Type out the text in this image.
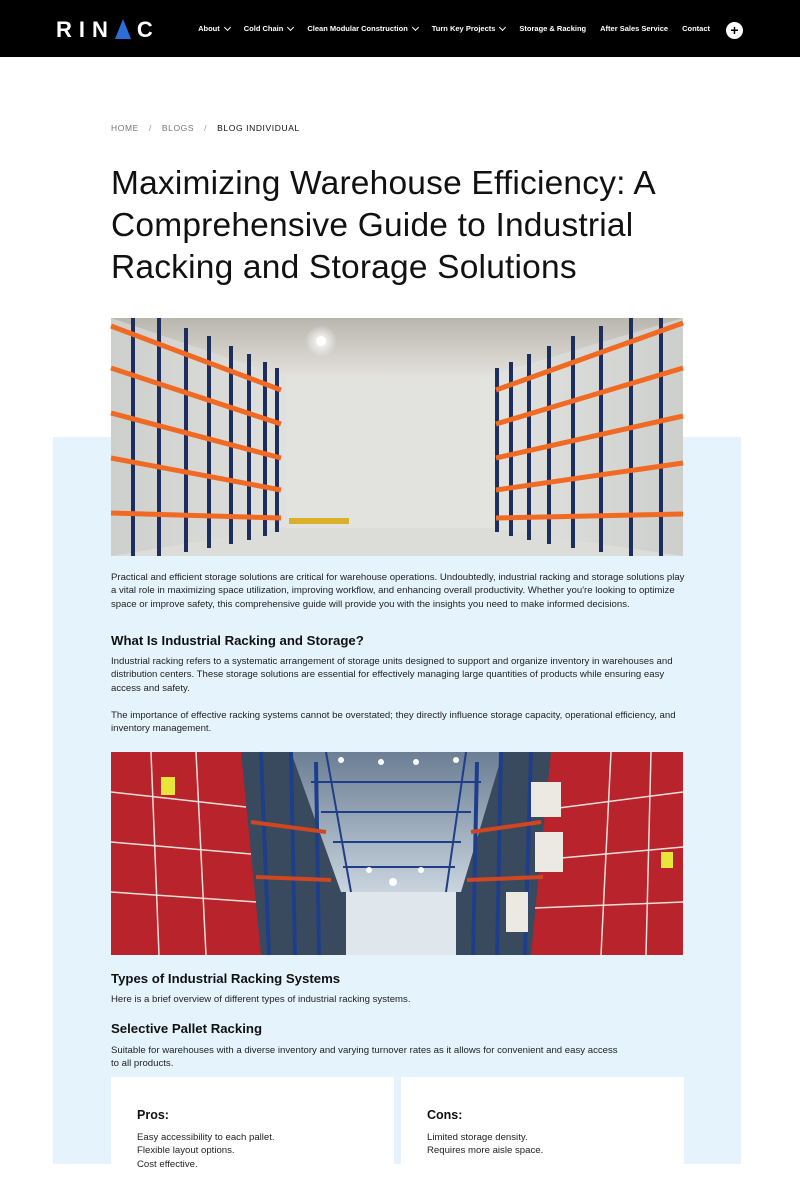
RIN C	About	Cold Chain	Clean Modular Construction	Turn Key Projects	Storage & Racking After Sales Service Contact +
HOME / BLOGS / BLOG INDIVIDUAL
Maximizing Warehouse Efficiency: A Comprehensive Guide to Industrial Racking and Storage Solutions

Practical and efficient storage solutions are critical for warehouse operations. Undoubtedly, industrial racking and storage solutions play a vital role in maximizing space utilization, improving workflow, and enhancing overall productivity. Whether you're looking to optimize space or improve safety, this comprehensive guide will provide you with the insights you need to make informed decisions.

What Is Industrial Racking and Storage?

Industrial racking refers to a systematic arrangement of storage units designed to support and organize inventory in warehouses and distribution centers. These storage solutions are essential for effectively managing large quantities of products while ensuring easy access and safety.

The importance of effective racking systems cannot be overstated; they directly influence storage capacity, operational efficiency, and inventory management.

Types of Industrial Racking Systems

Here is a brief overview of different types of industrial racking systems.

Selective Pallet Racking

Suitable for warehouses with a diverse inventory and varying turnover rates as it allows for convenient and easy access to all products.

Pros:
Easy accessibility to each pallet.
Flexible layout options.
Cost effective.
Cons:
Limited storage density.
Requires more aisle space.
